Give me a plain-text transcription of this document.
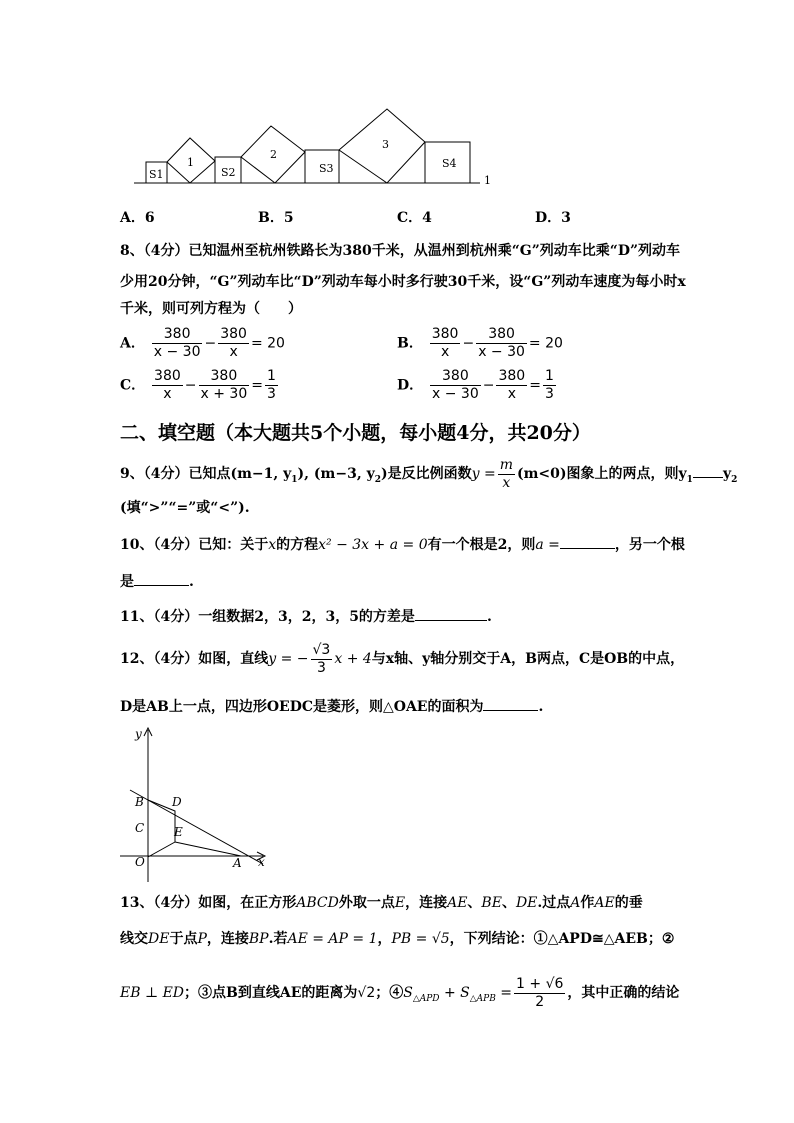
S1
1
S2
2
S3
3
S4
1
A．6	B．5	C．4	D．3
8、（4分）已知温州至杭州铁路长为380千米，从温州到杭州乘“G”列动车比乘“D”列动车
少用20分钟，“G”列动车比“D”列动车每小时多行驶30千米，设“G”列动车速度为每小时x
千米，则可列方程为（　　）
A． $\frac{380}{x - 30} - \frac{380}{x} = 20$	B． $\frac{380}{x} - \frac{380}{x - 30} = 20$
C． $\frac{380}{x} - \frac{380}{x + 30} = \frac{1}{3}$	D． $\frac{380}{x - 30} - \frac{380}{x} = \frac{1}{3}$
二、填空题（本大题共5个小题，每小题4分，共20分）
9、（4分）已知点(m−1, $y_1$), (m−3, $y_2$)是反比例函数$y = \frac{m}{x} (m<0)$图象上的两点，则$y_1$ $y_2$
(填“>”“=”或“<”).
10、（4分）已知：关于x的方程x² − 3x + a = 0有一个根是2，则a =	，另一个根
是	.
11、（4分）一组数据2，3，2，3，5的方差是	.
12、（4分）如图，直线y = − $\frac{√3}{3}$ x + 4与x轴、y轴分别交于A，B两点，C是OB的中点，
D是AB上一点，四边形OEDC是菱形，则△OAE的面积为	.
y
x
B D
C E
O	A
13、（4分）如图，在正方形ABCD外取一点E，连接AE、BE、DE.过点A作AE的垂
线交DE于点P，连接BP.若AE = AP = 1，PB = √5，下列结论：①△APD≅△AEB；②
EB ⊥ ED；③点B到直线AE的距离为√2；$④S_{\triangle APD} + S_{\triangle APB} = \frac{1 + √6}{2}$ ，其中正确的结论
